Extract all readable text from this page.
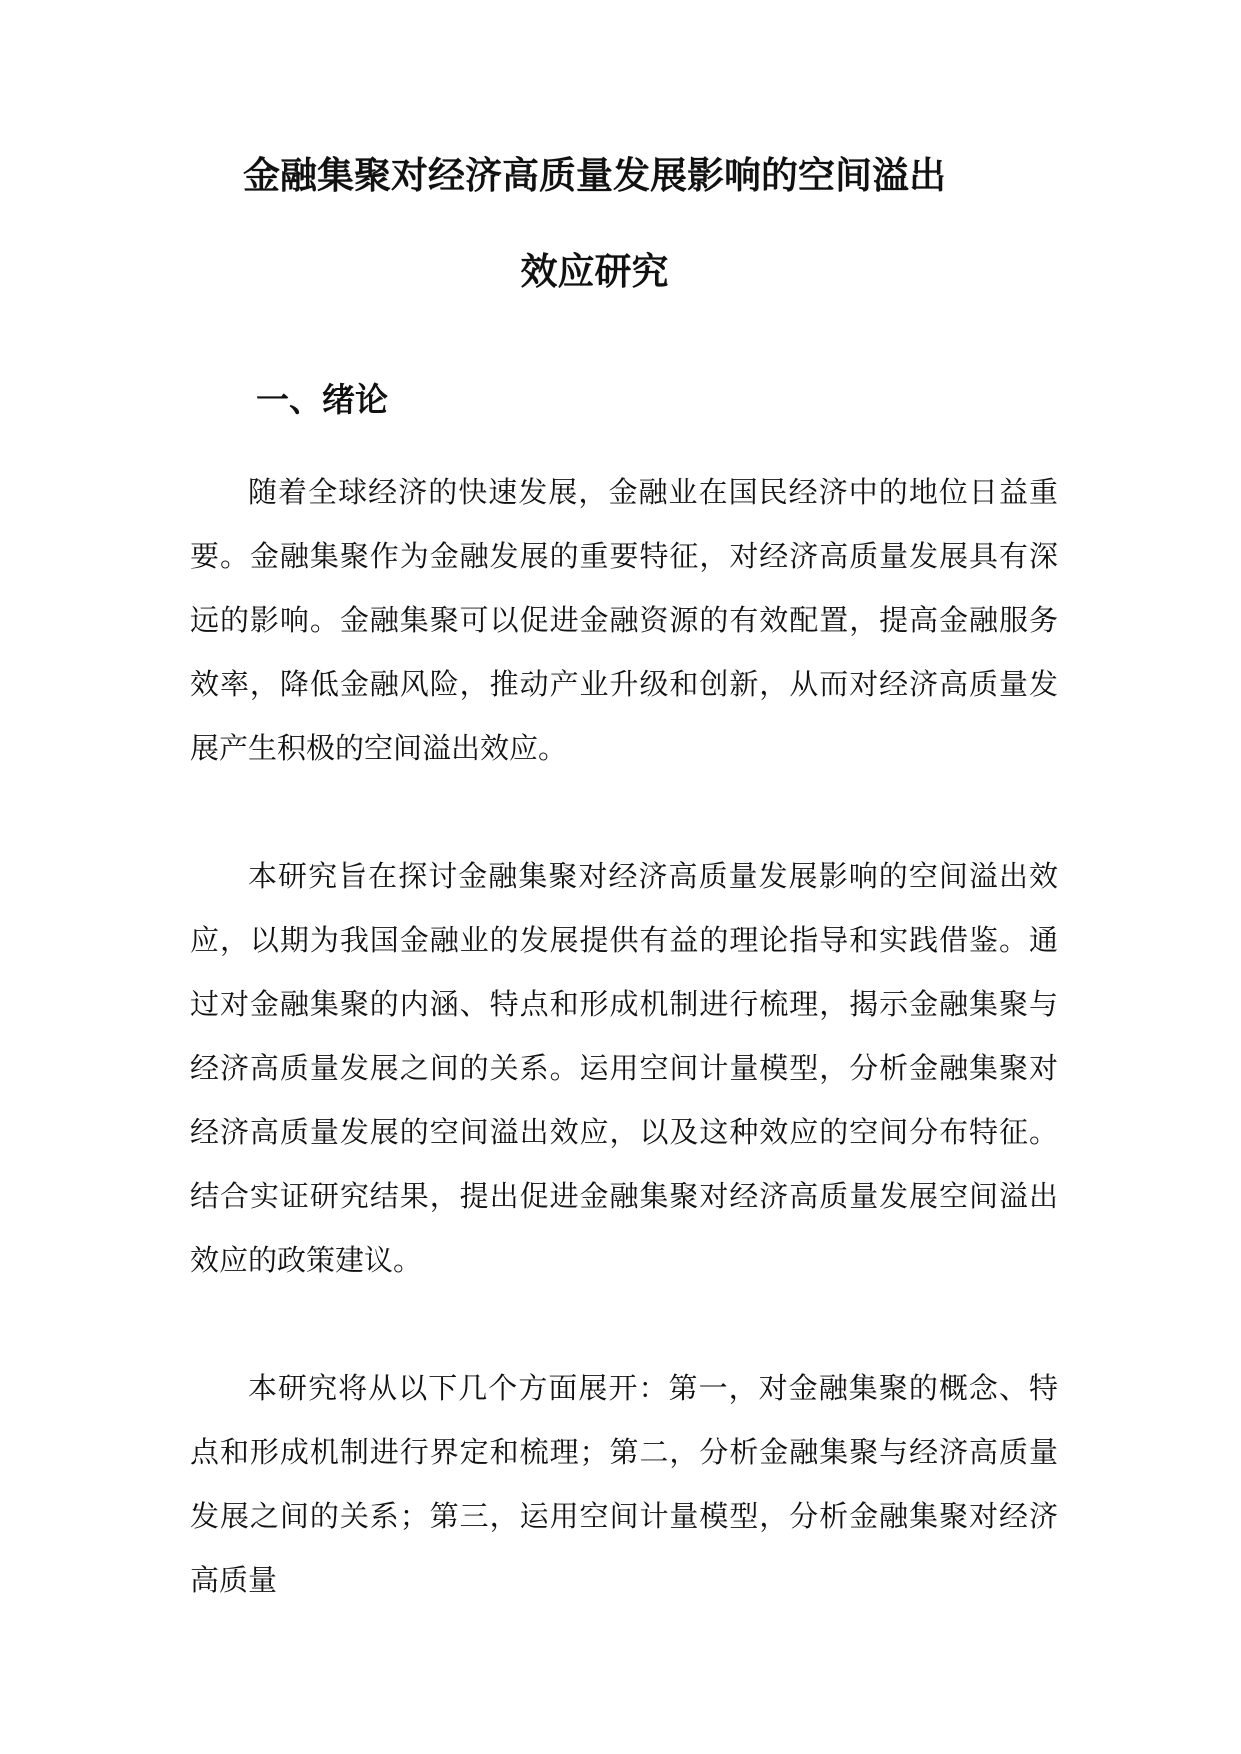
金融集聚对经济高质量发展影响的空间溢出
效应研究
一、绪论

随着全球经济的快速发展，金融业在国民经济中的地位日益重要。金融集聚作为金融发展的重要特征，对经济高质量发展具有深远的影响。金融集聚可以促进金融资源的有效配置，提高金融服务效率，降低金融风险，推动产业升级和创新，从而对经济高质量发展产生积极的空间溢出效应。

本研究旨在探讨金融集聚对经济高质量发展影响的空间溢出效应，以期为我国金融业的发展提供有益的理论指导和实践借鉴。通过对金融集聚的内涵、特点和形成机制进行梳理，揭示金融集聚与经济高质量发展之间的关系。运用空间计量模型，分析金融集聚对经济高质量发展的空间溢出效应，以及这种效应的空间分布特征。结合实证研究结果，提出促进金融集聚对经济高质量发展空间溢出效应的政策建议。

本研究将从以下几个方面展开：第一，对金融集聚的概念、特点和形成机制进行界定和梳理；第二，分析金融集聚与经济高质量发展之间的关系；第三，运用空间计量模型，分析金融集聚对经济高质量
